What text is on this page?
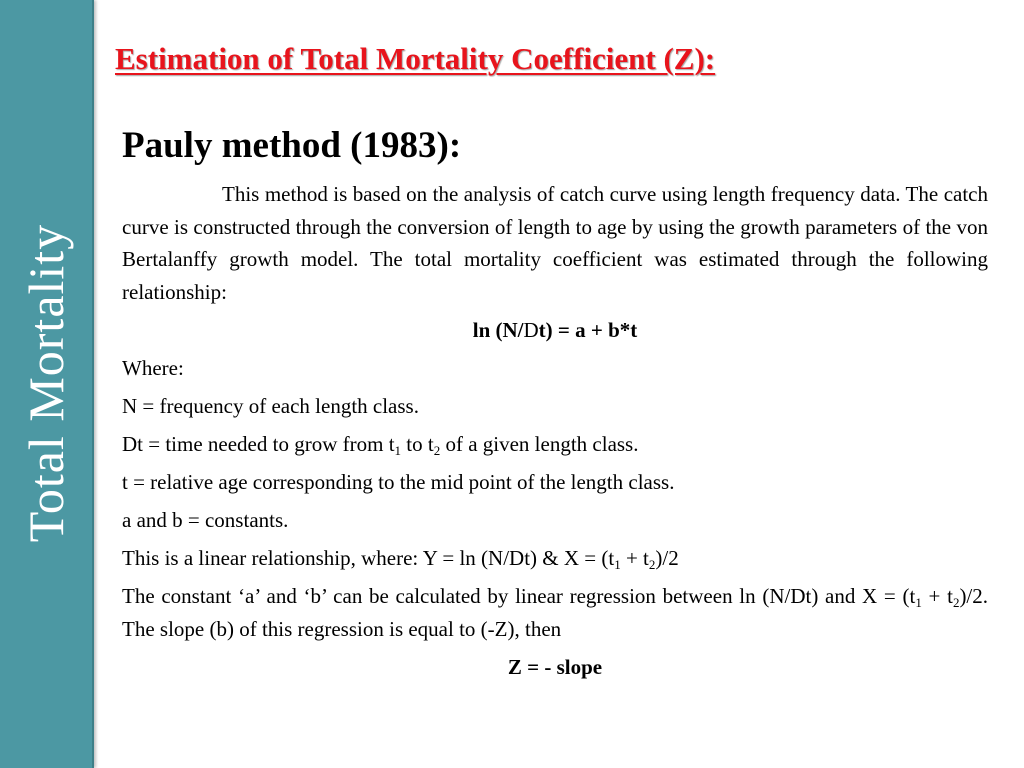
Total Mortality
Estimation of Total Mortality Coefficient (Z):
Pauly method (1983):
This method is based on the analysis of catch curve using length frequency data. The catch curve is constructed through the conversion of length to age by using the growth parameters of the von Bertalanffy growth model. The total mortality coefficient was estimated through the following relationship:
ln (N/Dt) = a + b*t
Where:
N = frequency of each length class.
Dt = time needed to grow from $t_1$ to $t_2$ of a given length class.
t = relative age corresponding to the mid point of the length class.
a and b = constants.
This is a linear relationship, where: Y = ln (N/Dt) & $X = (t_1 + t_2)/2$
The constant ‘a’ and ‘b’ can be calculated by linear regression between ln (N/Dt) and $X = (t_1 + t_2)/2$. The slope (b) of this regression is equal to (-Z), then
Z = - slope
